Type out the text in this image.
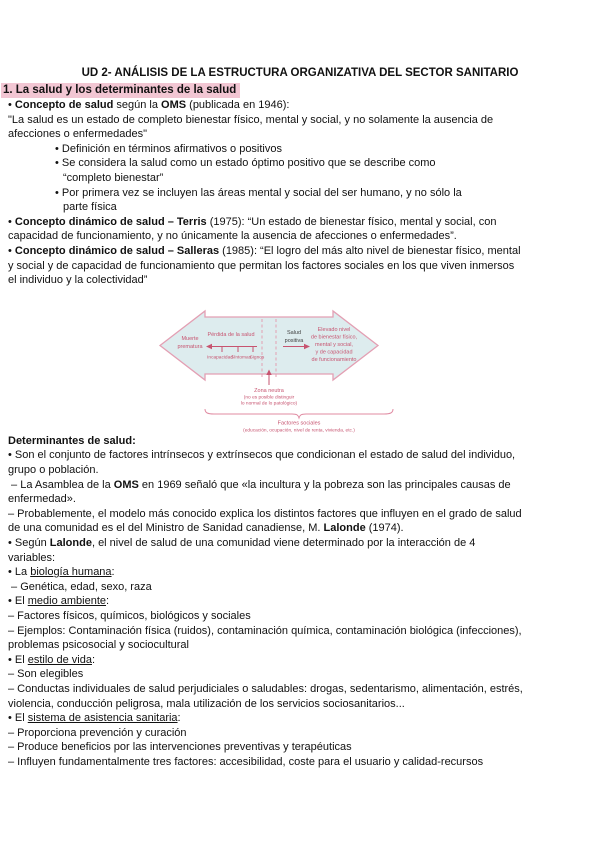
UD 2- ANÁLISIS DE LA ESTRUCTURA ORGANIZATIVA DEL SECTOR SANITARIO
1. La salud y los determinantes de la salud
• Concepto de salud según la OMS (publicada en 1946):
"La salud es un estado de completo bienestar físico, mental y social, y no solamente la ausencia de
afecciones o enfermedades"
• Definición en términos afirmativos o positivos
• Se considera la salud como un estado óptimo positivo que se describe como
“completo bienestar”
• Por primera vez se incluyen las áreas mental y social del ser humano, y no sólo la
parte física
• Concepto dinámico de salud – Terris (1975): “Un estado de bienestar físico, mental y social, con
capacidad de funcionamiento, y no únicamente la ausencia de afecciones o enfermedades”.
• Concepto dinámico de salud – Salleras (1985): “El logro del más alto nivel de bienestar físico, mental
y social y de capacidad de funcionamiento que permitan los factores sociales en los que viven inmersos
el individuo y la colectividad”
Muerte
prematura
Pérdida de la salud
Incapacidad
Síntomas
Signos
Salud
positiva
Elevado nivel
de bienestar físico,
mental y social,
y de capacidad
de funcionamiento
Zona neutra
(no es posible distinguir
lo normal de lo patológico)
Factores sociales
(educación, ocupación, nivel de renta, vivienda, etc.)
Determinantes de salud:
• Son el conjunto de factores intrínsecos y extrínsecos que condicionan el estado de salud del individuo,
grupo o población.
– La Asamblea de la OMS en 1969 señaló que «la incultura y la pobreza son las principales causas de
enfermedad».
– Probablemente, el modelo más conocido explica los distintos factores que influyen en el grado de salud
de una comunidad es el del Ministro de Sanidad canadiense, M. Lalonde (1974).
• Según Lalonde, el nivel de salud de una comunidad viene determinado por la interacción de 4
variables:
• La biología humana:
– Genética, edad, sexo, raza
• El medio ambiente:
– Factores físicos, químicos, biológicos y sociales
– Ejemplos: Contaminación física (ruidos), contaminación química, contaminación biológica (infecciones),
problemas psicosocial y sociocultural
• El estilo de vida:
– Son elegibles
– Conductas individuales de salud perjudiciales o saludables: drogas, sedentarismo, alimentación, estrés,
violencia, conducción peligrosa, mala utilización de los servicios sociosanitarios...
• El sistema de asistencia sanitaria:
– Proporciona prevención y curación
– Produce beneficios por las intervenciones preventivas y terapéuticas
– Influyen fundamentalmente tres factores: accesibilidad, coste para el usuario y calidad-recursos
